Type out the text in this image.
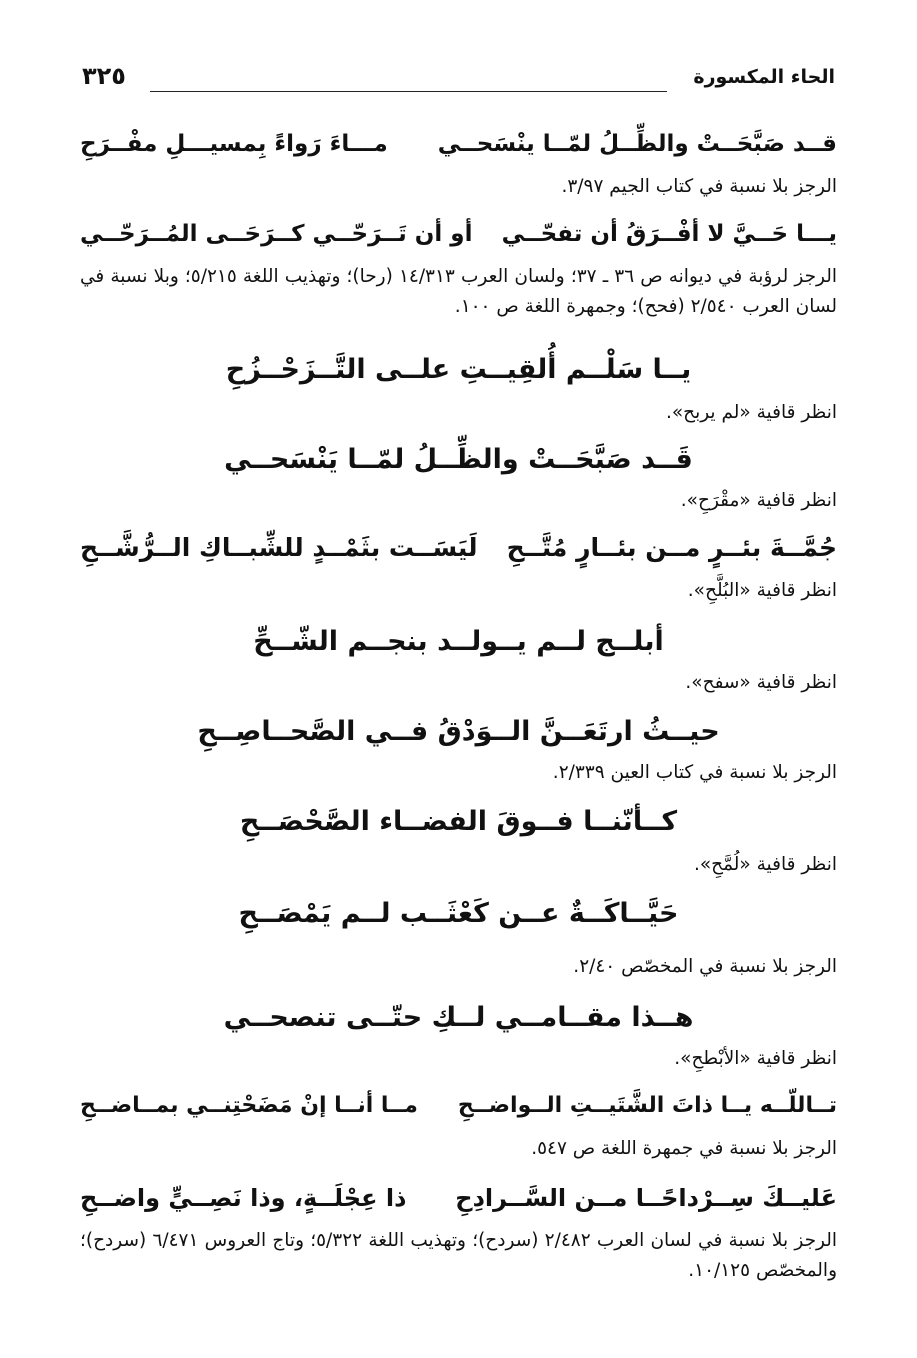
الحاء المكسورة
٣٢٥
قــد صَبَّحَــتْ والظِّــلُ لمّــا ينْسَحــي
مـــاءَ رَواءً بِمسيـــلِ مفْــرَحِ
الرجز بلا نسبة في كتاب الجيم ٣/٩٧.
يـــا حَــيَّ لا أفْــرَقُ أن تفحّــي
أو أن تَــرَحّــي كــرَحَــى المُــرَحّــي
الرجز لرؤبة في ديوانه ص ٣٦ ـ ٣٧؛ ولسان العرب ١٤/٣١٣ (رحا)؛ وتهذيب اللغة ٥/٢١٥؛ وبلا نسبة في لسان العرب ٢/٥٤٠ (فحح)؛ وجمهرة اللغة ص ١٠٠.
يــا سَلْــم أُلقِيــتِ علــى التَّــزَحْــزُحِ
انظر قافية «لم يربح».
قَــد صَبَّحَــتْ والظِّــلُ لمّــا يَنْسَحــي
انظر قافية «مقْرَحِ».
جُمَّــةَ بئــرٍ مــن بئــارٍ مُتَّــحِ
لَيَسَــت بثَمْــدٍ للشِّبــاكِ الــرُّشَّــحِ
انظر قافية «البُلَّحِ».
أبلــج لــم يــولــد بنجــم الشّــحِّ
انظر قافية «سفح».
حيــثُ ارتَعَــنَّ الــوَدْقُ فــي الصَّحــاصِــحِ
الرجز بلا نسبة في كتاب العين ٢/٣٣٩.
كــأنّنــا فــوقَ الفضــاء الصَّحْصَــحِ
انظر قافية «لُمَّحِ».
حَيَّــاكَــةٌ عــن كَعْثَــب لــم يَمْصَــحِ
الرجز بلا نسبة في المخصّص ٢/٤٠.
هــذا مقــامــي لــكِ حتّــى تنصحــي
انظر قافية «الأبْطحِ».
تــاللّــه يــا ذاتَ الشَّتَيــتِ الــواضــحِ
مــا أنــا إنْ مَضَحْتِنــي بمــاضــحِ
الرجز بلا نسبة في جمهرة اللغة ص ٥٤٧.
عَليــكَ سِــرْداحًــا مــن السَّــرادِحِ
ذا عِجْلَــةٍ، وذا نَصِــيٍّ واضــحِ
الرجز بلا نسبة في لسان العرب ٢/٤٨٢ (سردح)؛ وتهذيب اللغة ٥/٣٢٢؛ وتاج العروس ٦/٤٧١ (سردح)؛ والمخصّص ١٠/١٢٥.
